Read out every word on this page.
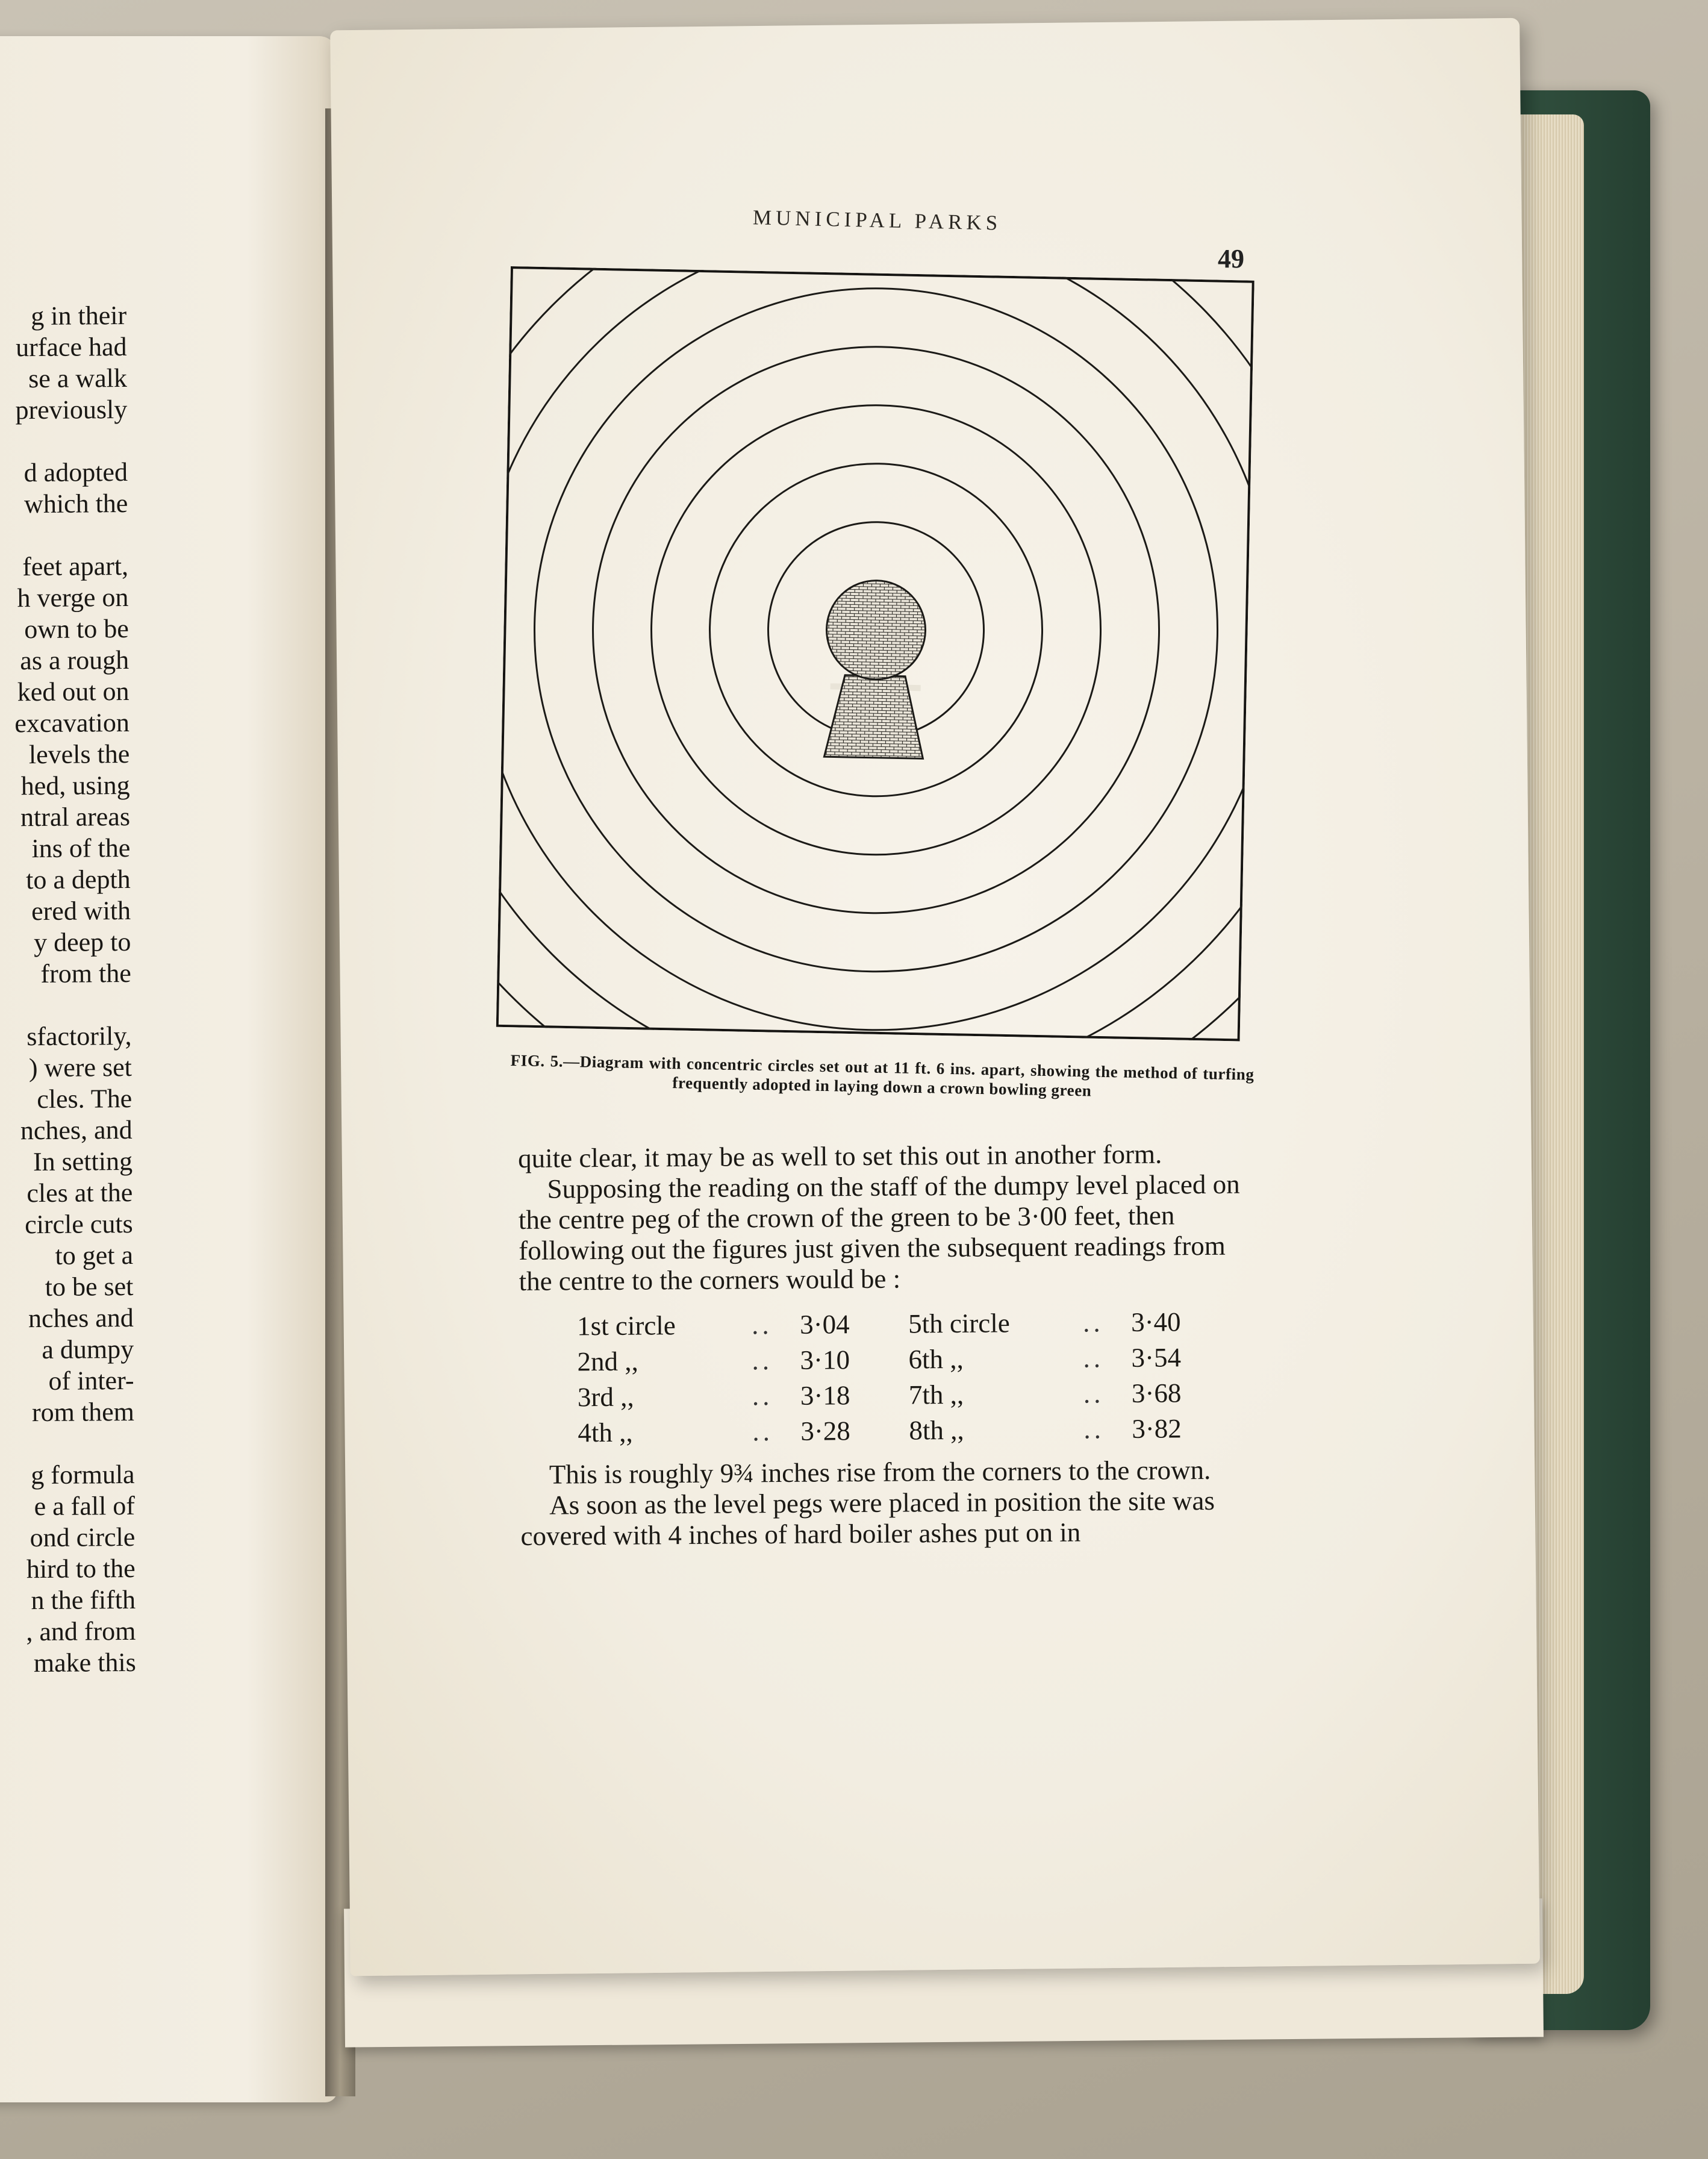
g in their
urface had
se a walk
previously
d adopted
which the
feet apart,
h verge on
own to be
as a rough
ked out on
excavation
levels the
hed, using
ntral areas
ins of the
to a depth
ered with
y deep to
from the
sfactorily,
) were set
cles. The
nches, and
In setting
cles at the
circle cuts
to get a
to be set
nches and
a dumpy
of inter-
rom them
g formula
e a fall of
ond circle
hird to the
n the fifth
, and from
make this
MUNICIPAL PARKS
49
FIG. 5.—Diagram with concentric circles set out at 11 ft. 6 ins. apart, showing the method of turfing frequently adopted in laying down a crown bowling green

quite clear, it may be as well to set this out in another form.

Supposing the reading on the staff of the dumpy level placed on the centre peg of the crown of the green to be 3·00 feet, then following out the figures just given the subsequent readings from the centre to the corners would be :

1st circle	..	3·04	5th circle	..	3·40
2nd ,,	..	3·10	6th ,,	..	3·54
3rd ,,	..	3·18	7th ,,	..	3·68
4th ,,	..	3·28	8th ,,	..	3·82

This is roughly 9¾ inches rise from the corners to the crown.

As soon as the level pegs were placed in position the site was covered with 4 inches of hard boiler ashes put on in
